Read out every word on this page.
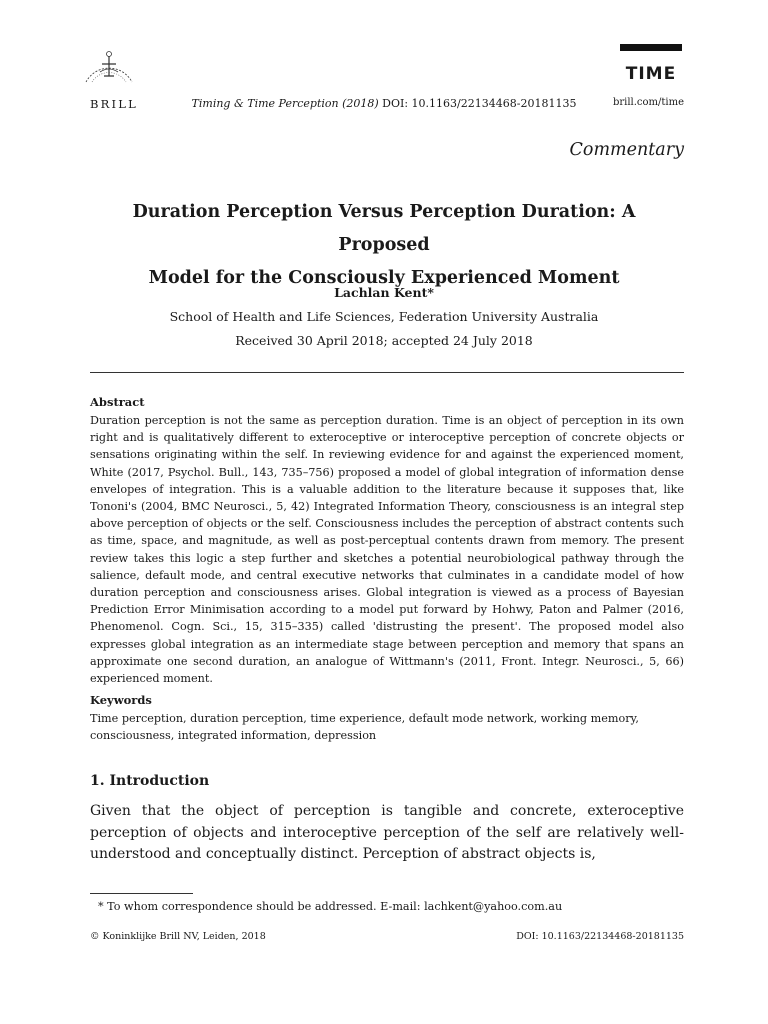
BRILL	Timing & Time Perception (2018) DOI: 10.1163/22134468-20181135
TIME
brill.com/time
Commentary
Duration Perception Versus Perception Duration: A Proposed
Model for the Consciously Experienced Moment
Lachlan Kent*
School of Health and Life Sciences, Federation University Australia
Received 30 April 2018; accepted 24 July 2018
Abstract
Duration perception is not the same as perception duration. Time is an object of perception in its own right and is qualitatively different to exteroceptive or interoceptive perception of concrete objects or sensations originating within the self. In reviewing evidence for and against the experienced moment, White (2017, Psychol. Bull., 143, 735–756) proposed a model of global integration of information dense envelopes of integration. This is a valuable addition to the literature because it supposes that, like Tononi's (2004, BMC Neurosci., 5, 42) Integrated Information Theory, consciousness is an integral step above perception of objects or the self. Consciousness includes the perception of abstract contents such as time, space, and magnitude, as well as post-perceptual contents drawn from memory. The present review takes this logic a step further and sketches a potential neurobiological pathway through the salience, default mode, and central executive networks that culminates in a candidate model of how duration perception and consciousness arises. Global integration is viewed as a process of Bayesian Prediction Error Minimisation according to a model put forward by Hohwy, Paton and Palmer (2016, Phenomenol. Cogn. Sci., 15, 315–335) called 'distrusting the present'. The proposed model also expresses global integration as an intermediate stage between perception and memory that spans an approximate one second duration, an analogue of Wittmann's (2011, Front. Integr. Neurosci., 5, 66) experienced moment.
Keywords
Time perception, duration perception, time experience, default mode network, working memory, consciousness, integrated information, depression
1. Introduction
Given that the object of perception is tangible and concrete, exteroceptive perception of objects and interoceptive perception of the self are relatively well-understood and conceptually distinct. Perception of abstract objects is,
* To whom correspondence should be addressed. E-mail: lachkent@yahoo.com.au
© Koninklijke Brill NV, Leiden, 2018	DOI: 10.1163/22134468-20181135
